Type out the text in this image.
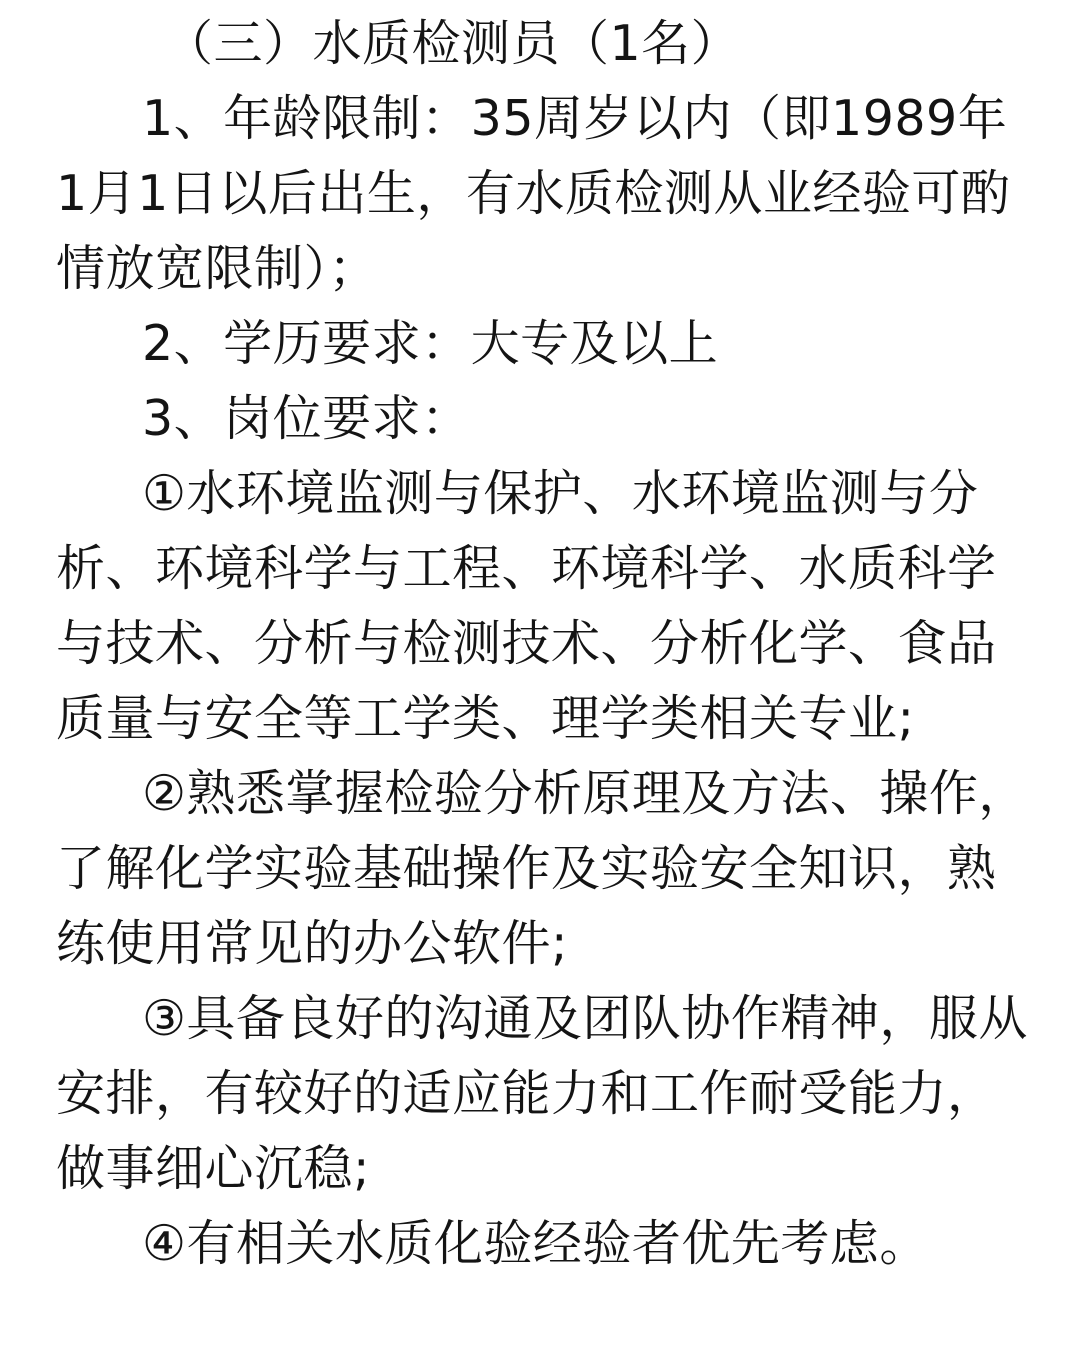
（三）水质检测员（1名）

1、年龄限制：35周岁以内（即1989年1月1日以后出生，有水质检测从业经验可酌情放宽限制）；

2、学历要求：大专及以上

3、岗位要求：

①水环境监测与保护、水环境监测与分析、环境科学与工程、环境科学、水质科学与技术、分析与检测技术、分析化学、食品质量与安全等工学类、理学类相关专业;

②熟悉掌握检验分析原理及方法、操作，了解化学实验基础操作及实验安全知识，熟练使用常见的办公软件;

③具备良好的沟通及团队协作精神，服从安排，有较好的适应能力和工作耐受能力，做事细心沉稳;

④有相关水质化验经验者优先考虑。
